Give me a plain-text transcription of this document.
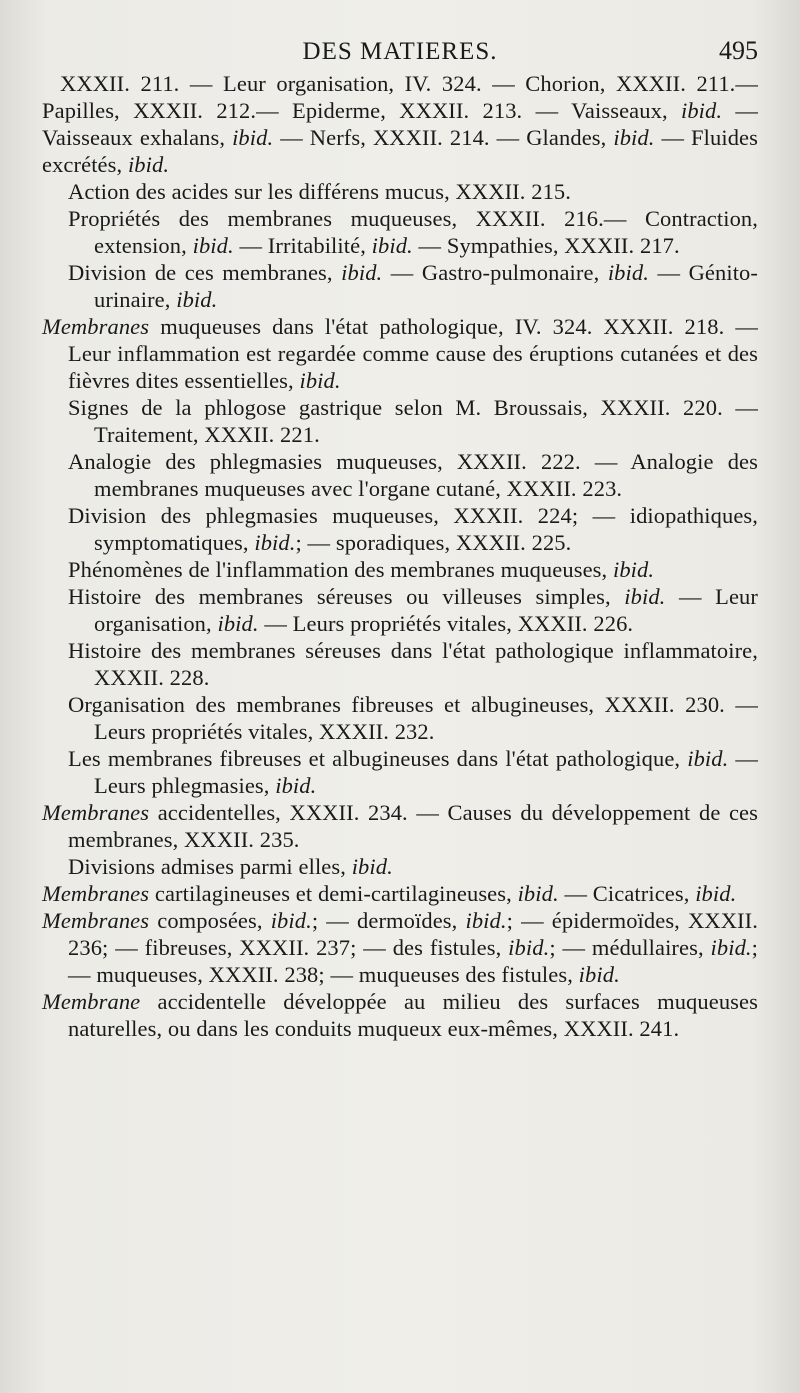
DES MATIERES.	495

XXXII. 211. — Leur organisation, IV. 324. — Chorion, XXXII. 211.— Papilles, XXXII. 212.— Epiderme, XXXII. 213. — Vaisseaux, ibid. — Vaisseaux exhalans, ibid. — Nerfs, XXXII. 214. — Glandes, ibid. — Fluides excrétés, ibid.

Action des acides sur les différens mucus, XXXII. 215.

Propriétés des membranes muqueuses, XXXII. 216.— Contraction, extension, ibid. — Irritabilité, ibid. — Sympathies, XXXII. 217.

Division de ces membranes, ibid. — Gastro-pulmonaire, ibid. — Génito-urinaire, ibid.

Membranes muqueuses dans l'état pathologique, IV. 324. XXXII. 218. — Leur inflammation est regardée comme cause des éruptions cutanées et des fièvres dites essentielles, ibid.

Signes de la phlogose gastrique selon M. Broussais, XXXII. 220. — Traitement, XXXII. 221.

Analogie des phlegmasies muqueuses, XXXII. 222. — Analogie des membranes muqueuses avec l'organe cutané, XXXII. 223.

Division des phlegmasies muqueuses, XXXII. 224; — idiopathiques, symptomatiques, ibid.; — sporadiques, XXXII. 225.

Phénomènes de l'inflammation des membranes muqueuses, ibid.

Histoire des membranes séreuses ou villeuses simples, ibid. — Leur organisation, ibid. — Leurs propriétés vitales, XXXII. 226.

Histoire des membranes séreuses dans l'état pathologique inflammatoire, XXXII. 228.

Organisation des membranes fibreuses et albugineuses, XXXII. 230. — Leurs propriétés vitales, XXXII. 232.

Les membranes fibreuses et albugineuses dans l'état pathologique, ibid. — Leurs phlegmasies, ibid.

Membranes accidentelles, XXXII. 234. — Causes du développement de ces membranes, XXXII. 235.

Divisions admises parmi elles, ibid.

Membranes cartilagineuses et demi-cartilagineuses, ibid. — Cicatrices, ibid.

Membranes composées, ibid.; — dermoïdes, ibid.; — épidermoïdes, XXXII. 236; — fibreuses, XXXII. 237; — des fistules, ibid.; — médullaires, ibid.; — muqueuses, XXXII. 238; — muqueuses des fistules, ibid.

Membrane accidentelle développée au milieu des surfaces muqueuses naturelles, ou dans les conduits muqueux eux-mêmes, XXXII. 241.
